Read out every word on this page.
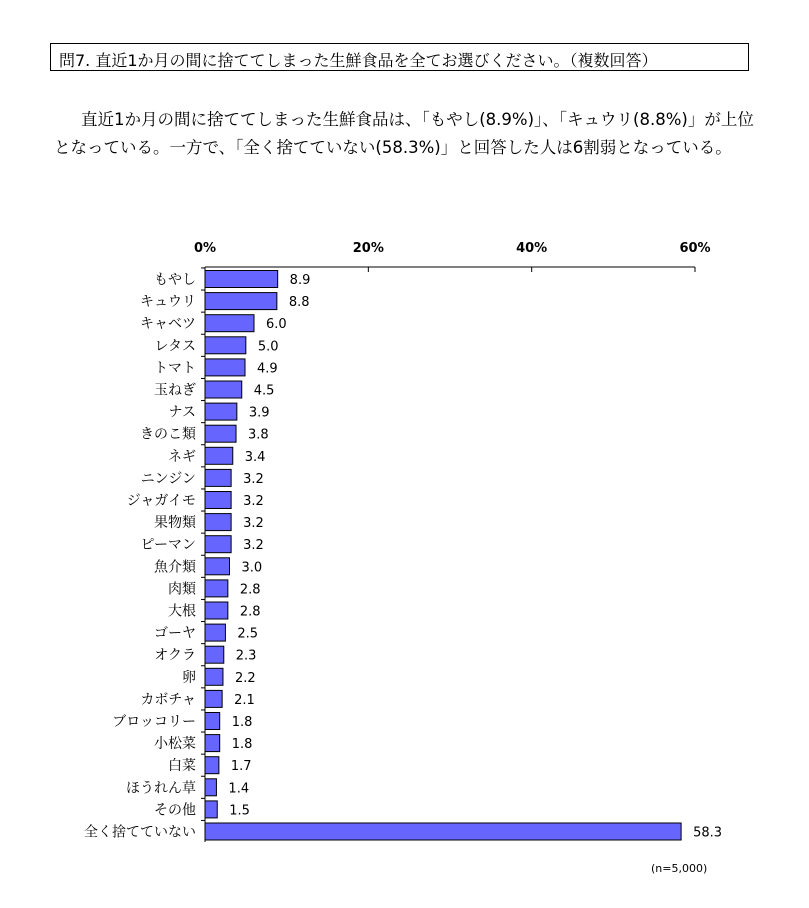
問7. 直近1か月の間に捨ててしまった生鮮食品を全てお選びください。（複数回答）
直近1か月の間に捨ててしまった生鮮食品は、「もやし(8.9%)」、「キュウリ(8.8%)」が上位となっている。一方で、「全く捨てていない(58.3%)」と回答した人は6割弱となっている。
0%	20%	40%	60%
もやし	8.9
キュウリ	8.8
キャベツ	6.0
レタス	5.0
トマト	4.9
玉ねぎ	4.5
ナス	3.9
きのこ類	3.8
ネギ	3.4
ニンジン	3.2
ジャガイモ	3.2
果物類	3.2
ピーマン	3.2
魚介類	3.0
肉類	2.8
大根	2.8
ゴーヤ	2.5
オクラ	2.3
卵	2.2
カボチャ	2.1
ブロッコリー	1.8
小松菜	1.8
白菜	1.7
ほうれん草 1.4
その他	1.5
全く捨てていない	58.3
(n=5,000)
